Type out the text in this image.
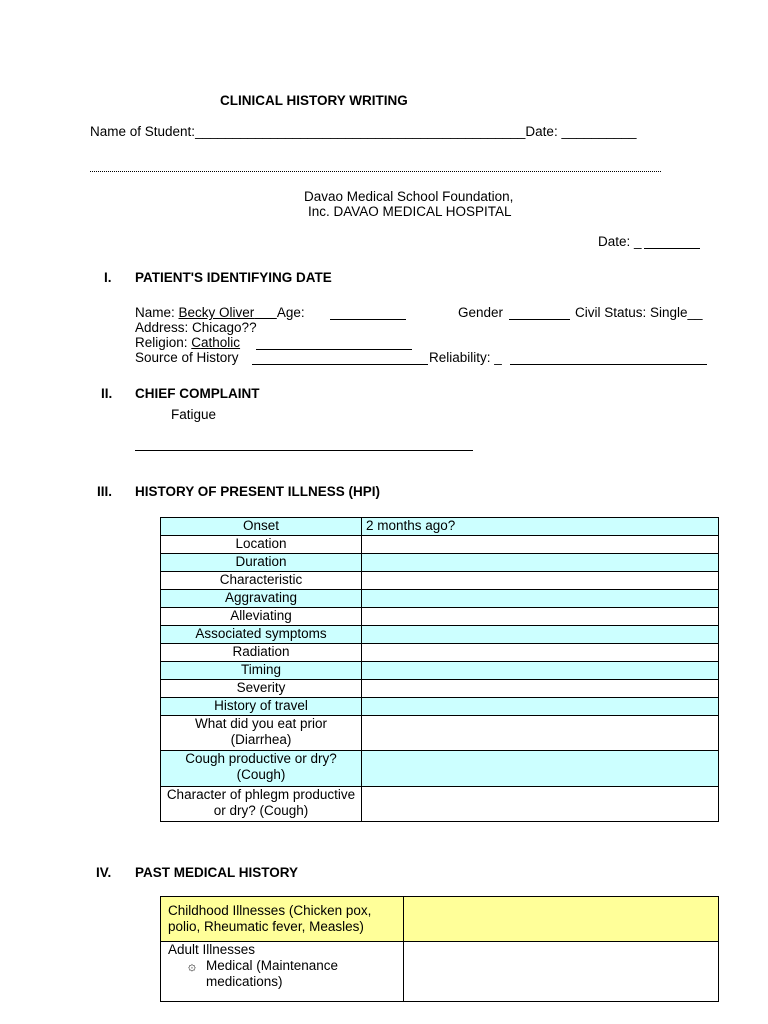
CLINICAL HISTORY WRITING
Name of Student:____________________________________________Date: __________
Davao Medical School Foundation,
Inc. DAVAO MEDICAL HOSPITAL
Date: _
I. PATIENT'S IDENTIFYING DATE
Name: Becky Oliver Age:	Gender	Civil Status: Single__
Address: Chicago??
Religion: Catholic
Source of History	Reliability: _
II. CHIEF COMPLAINT
Fatigue
III. HISTORY OF PRESENT ILLNESS (HPI)
Onset	2 months ago?
Location	
Duration	
Characteristic	
Aggravating	
Alleviating	
Associated symptoms	
Radiation	
Timing	
Severity	
History of travel	
What did you eat prior (Diarrhea)	
Cough productive or dry? (Cough)	
Character of phlegm productive or dry? (Cough)	
IV. PAST MEDICAL HISTORY
Childhood Illnesses (Chicken pox, polio, Rheumatic fever, Measles)	

Adult Illnesses
۞ Medical (Maintenance medications)	
